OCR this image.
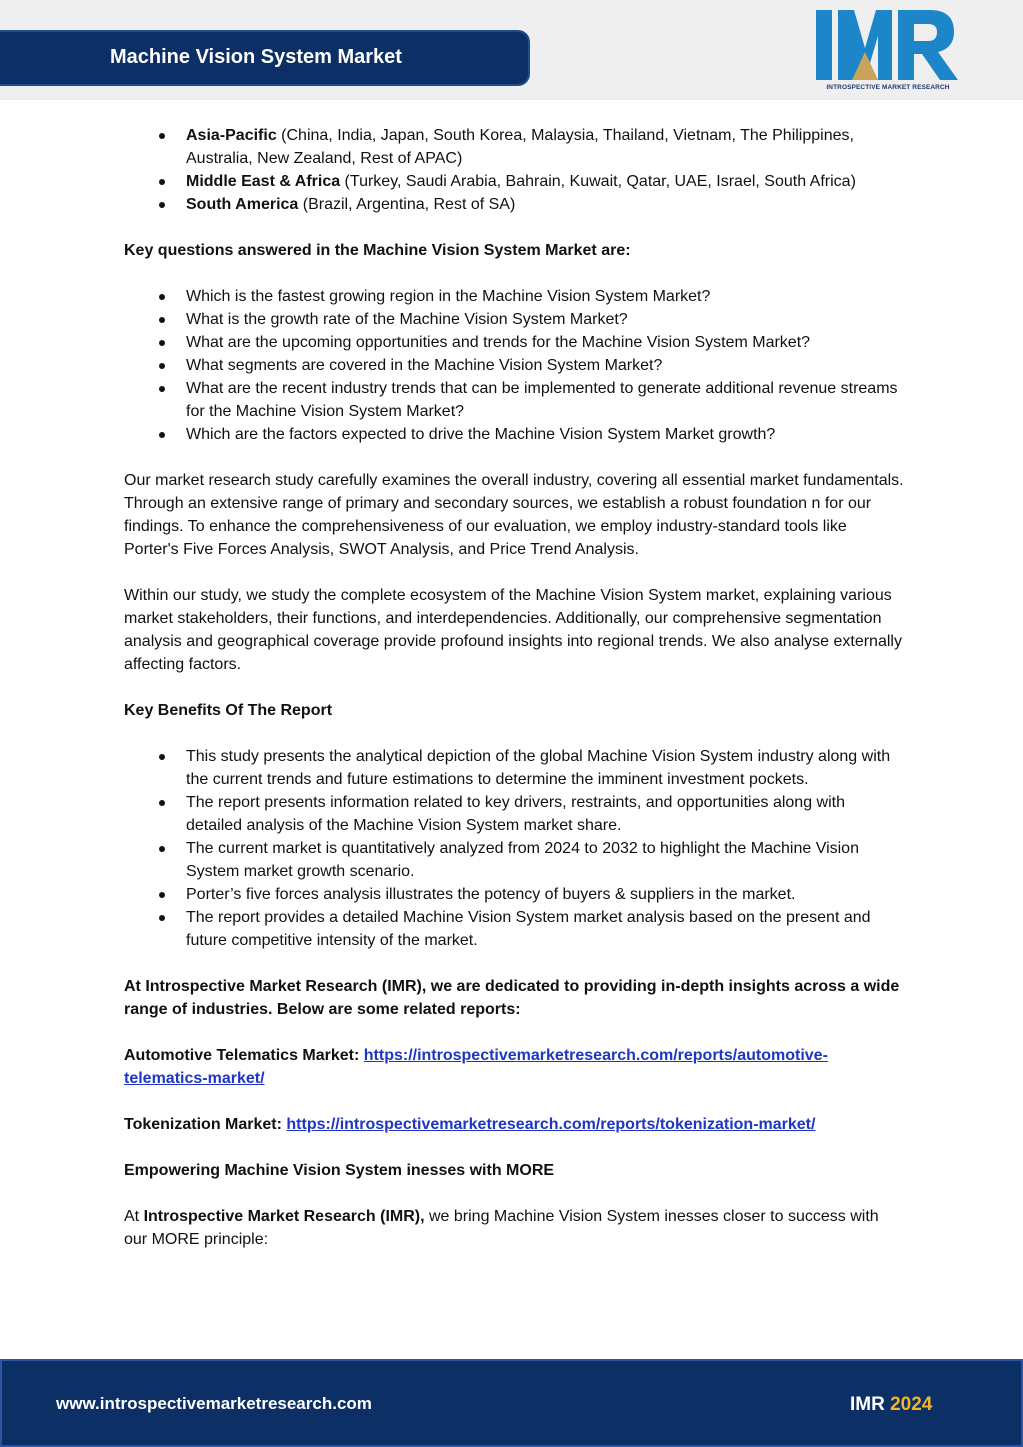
Machine Vision System Market
INTROSPECTIVE MARKET RESEARCH
Asia-Pacific (China, India, Japan, South Korea, Malaysia, Thailand, Vietnam, The Philippines, Australia, New Zealand, Rest of APAC)
Middle East & Africa (Turkey, Saudi Arabia, Bahrain, Kuwait, Qatar, UAE, Israel, South Africa)
South America (Brazil, Argentina, Rest of SA)

Key questions answered in the Machine Vision System Market are:

Which is the fastest growing region in the Machine Vision System Market?
What is the growth rate of the Machine Vision System Market?
What are the upcoming opportunities and trends for the Machine Vision System Market?
What segments are covered in the Machine Vision System Market?
What are the recent industry trends that can be implemented to generate additional revenue streams for the Machine Vision System Market?
Which are the factors expected to drive the Machine Vision System Market growth?

Our market research study carefully examines the overall industry, covering all essential market fundamentals. Through an extensive range of primary and secondary sources, we establish a robust foundation n for our findings. To enhance the comprehensiveness of our evaluation, we employ industry-standard tools like Porter's Five Forces Analysis, SWOT Analysis, and Price Trend Analysis.

Within our study, we study the complete ecosystem of the Machine Vision System market, explaining various market stakeholders, their functions, and interdependencies. Additionally, our comprehensive segmentation analysis and geographical coverage provide profound insights into regional trends. We also analyse externally affecting factors.

Key Benefits Of The Report

This study presents the analytical depiction of the global Machine Vision System industry along with the current trends and future estimations to determine the imminent investment pockets.
The report presents information related to key drivers, restraints, and opportunities along with detailed analysis of the Machine Vision System market share.
The current market is quantitatively analyzed from 2024 to 2032 to highlight the Machine Vision System market growth scenario.
Porter’s five forces analysis illustrates the potency of buyers & suppliers in the market.
The report provides a detailed Machine Vision System market analysis based on the present and future competitive intensity of the market.

At Introspective Market Research (IMR), we are dedicated to providing in-depth insights across a wide range of industries. Below are some related reports:

Automotive Telematics Market: https://introspectivemarketresearch.com/reports/automotive-telematics-market/

Tokenization Market: https://introspectivemarketresearch.com/reports/tokenization-market/

Empowering Machine Vision System inesses with MORE

At Introspective Market Research (IMR), we bring Machine Vision System inesses closer to success with our MORE principle:

www.introspectivemarketresearch.com	IMR 2024
